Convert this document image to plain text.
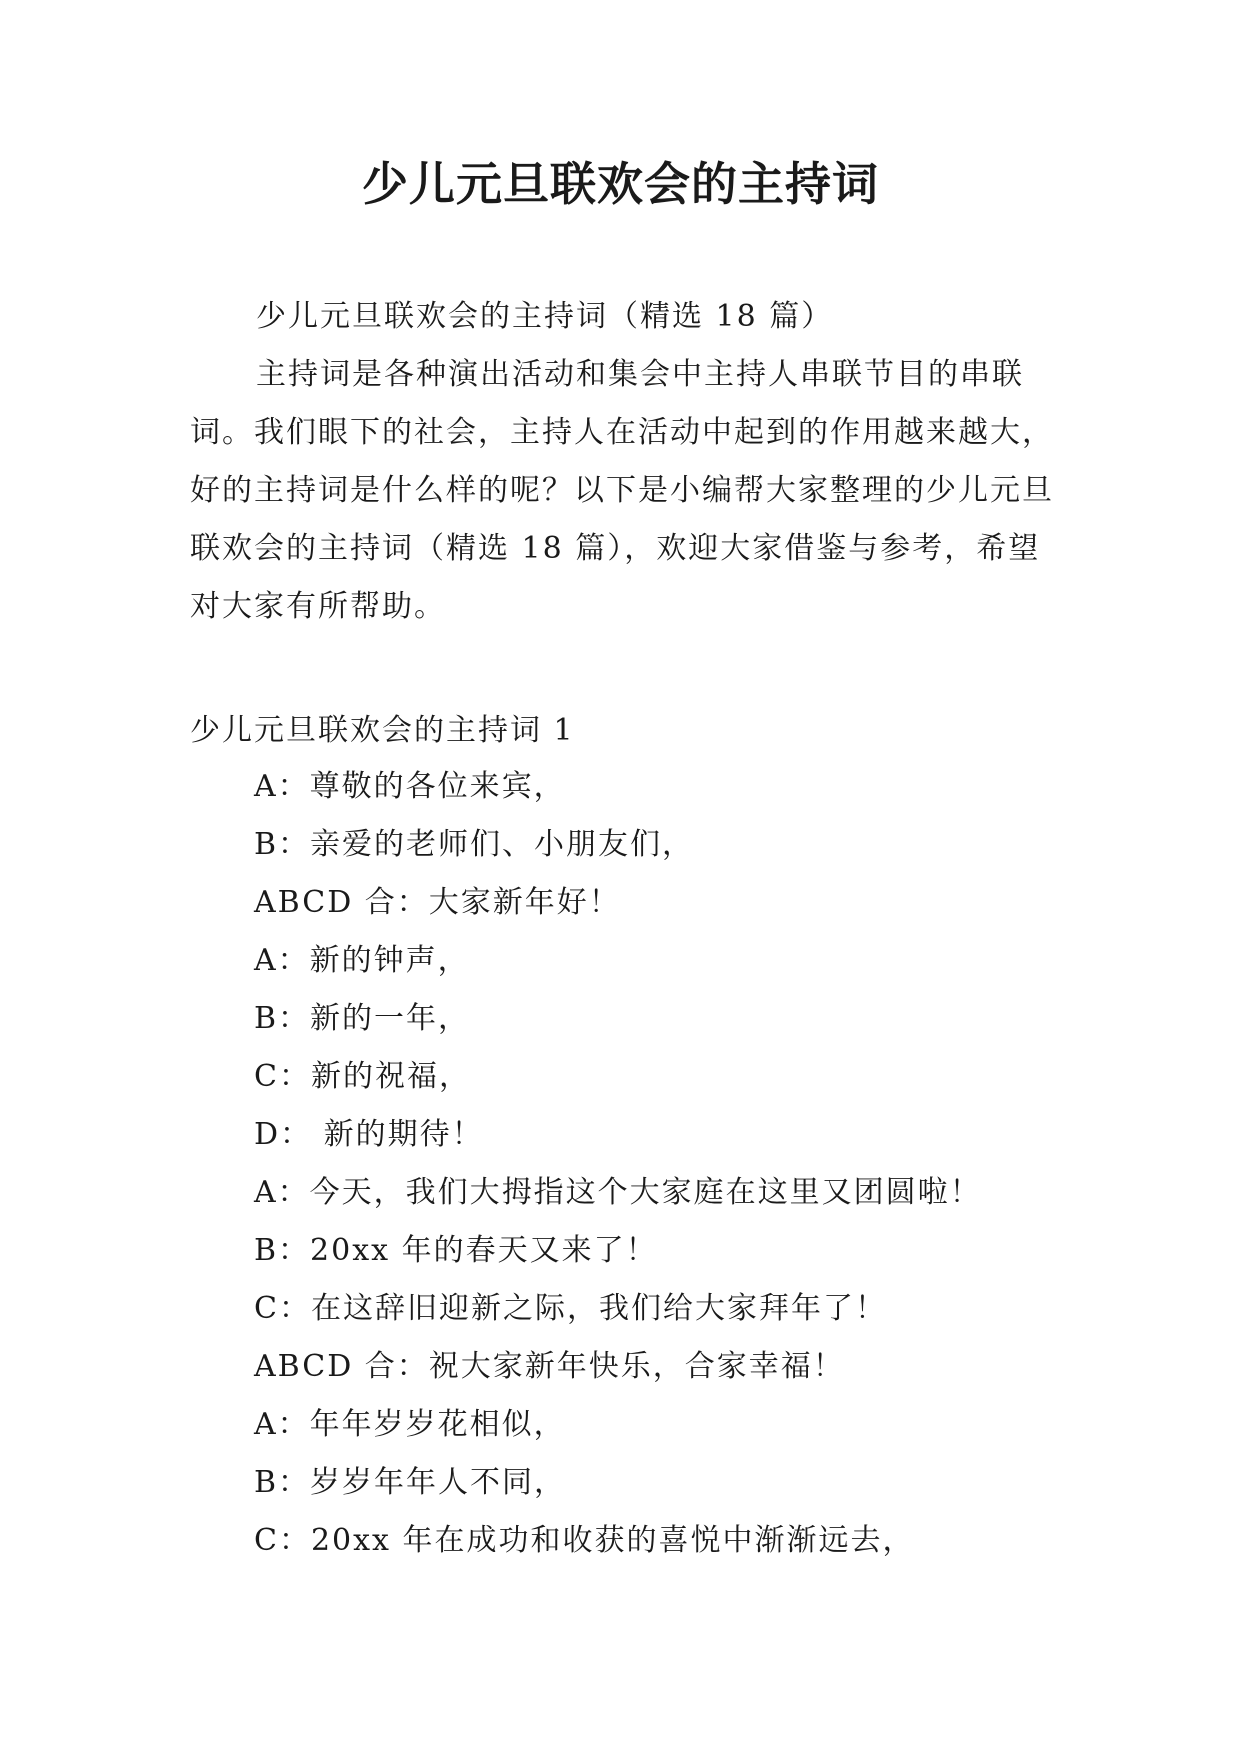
少儿元旦联欢会的主持词

少儿元旦联欢会的主持词（精选 18 篇）

主持词是各种演出活动和集会中主持人串联节目的串联词。我们眼下的社会，主持人在活动中起到的作用越来越大，好的主持词是什么样的呢？以下是小编帮大家整理的少儿元旦联欢会的主持词（精选 18 篇），欢迎大家借鉴与参考，希望对大家有所帮助。

少儿元旦联欢会的主持词 1

A：尊敬的各位来宾，
B：亲爱的老师们、小朋友们，
ABCD 合：大家新年好！
A：新的钟声，
B：新的一年，
C：新的祝福，
D： 新的期待！
A：今天，我们大拇指这个大家庭在这里又团圆啦！
B：20xx 年的春天又来了！
C：在这辞旧迎新之际，我们给大家拜年了！
ABCD 合：祝大家新年快乐，合家幸福！
A：年年岁岁花相似，
B：岁岁年年人不同，
C：20xx 年在成功和收获的喜悦中渐渐远去，
